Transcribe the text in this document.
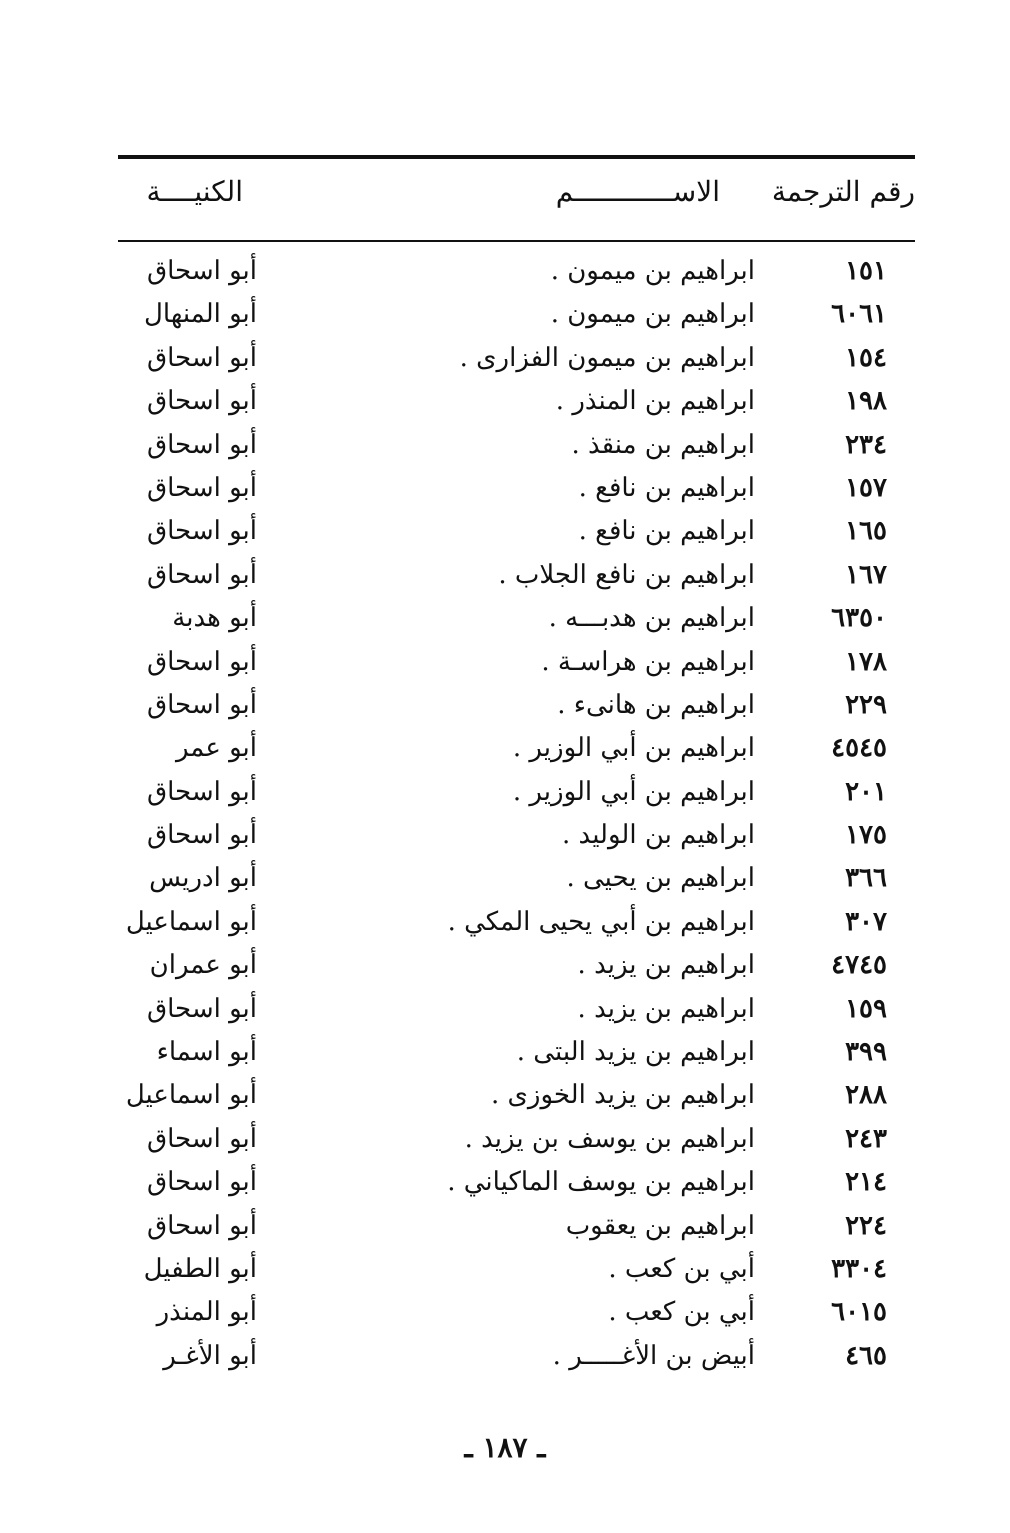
رقم الترجمة
الاســــــــــــم
الكنيــــة
١٥١
ابراهيم بن ميمون .
أبو اسحاق
٦٠٦١
ابراهيم بن ميمون .
أبو المنهال
١٥٤
ابراهيم بن ميمون الفزارى .
أبو اسحاق
١٩٨
ابراهيم بن المنذر .
أبو اسحاق
٢٣٤
ابراهيم بن منقذ .
أبو اسحاق
١٥٧
ابراهيم بن نافع .
أبو اسحاق
١٦٥
ابراهيم بن نافع .
أبو اسحاق
١٦٧
ابراهيم بن نافع الجلاب .
أبو اسحاق
٦٣٥٠
ابراهيم بن هدبـــه .
أبو هدبة
١٧٨
ابراهيم بن هراسـة .
أبو اسحاق
٢٢٩
ابراهيم بن هانىء .
أبو اسحاق
٤٥٤٥
ابراهيم بن أبي الوزير .
أبو عمر
٢٠١
ابراهيم بن أبي الوزير .
أبو اسحاق
١٧٥
ابراهيم بن الوليد .
أبو اسحاق
٣٦٦
ابراهيم بن يحيى .
أبو ادريس
٣٠٧
ابراهيم بن أبي يحيى المكي .
أبو اسماعيل
٤٧٤٥
ابراهيم بن يزيد .
أبو عمران
١٥٩
ابراهيم بن يزيد .
أبو اسحاق
٣٩٩
ابراهيم بن يزيد البتى .
أبو اسماء
٢٨٨
ابراهيم بن يزيد الخوزى .
أبو اسماعيل
٢٤٣
ابراهيم بن يوسف بن يزيد .
أبو اسحاق
٢١٤
ابراهيم بن يوسف الماكياني .
أبو اسحاق
٢٢٤
ابراهيم بن يعقوب
أبو اسحاق
٣٣٠٤
أبي بن كعب .
أبو الطفيل
٦٠١٥
أبي بن كعب .
أبو المنذر
٤٦٥
أبيض بن الأغـــــر .
أبو الأغـر
ـ ١٨٧ ـ
